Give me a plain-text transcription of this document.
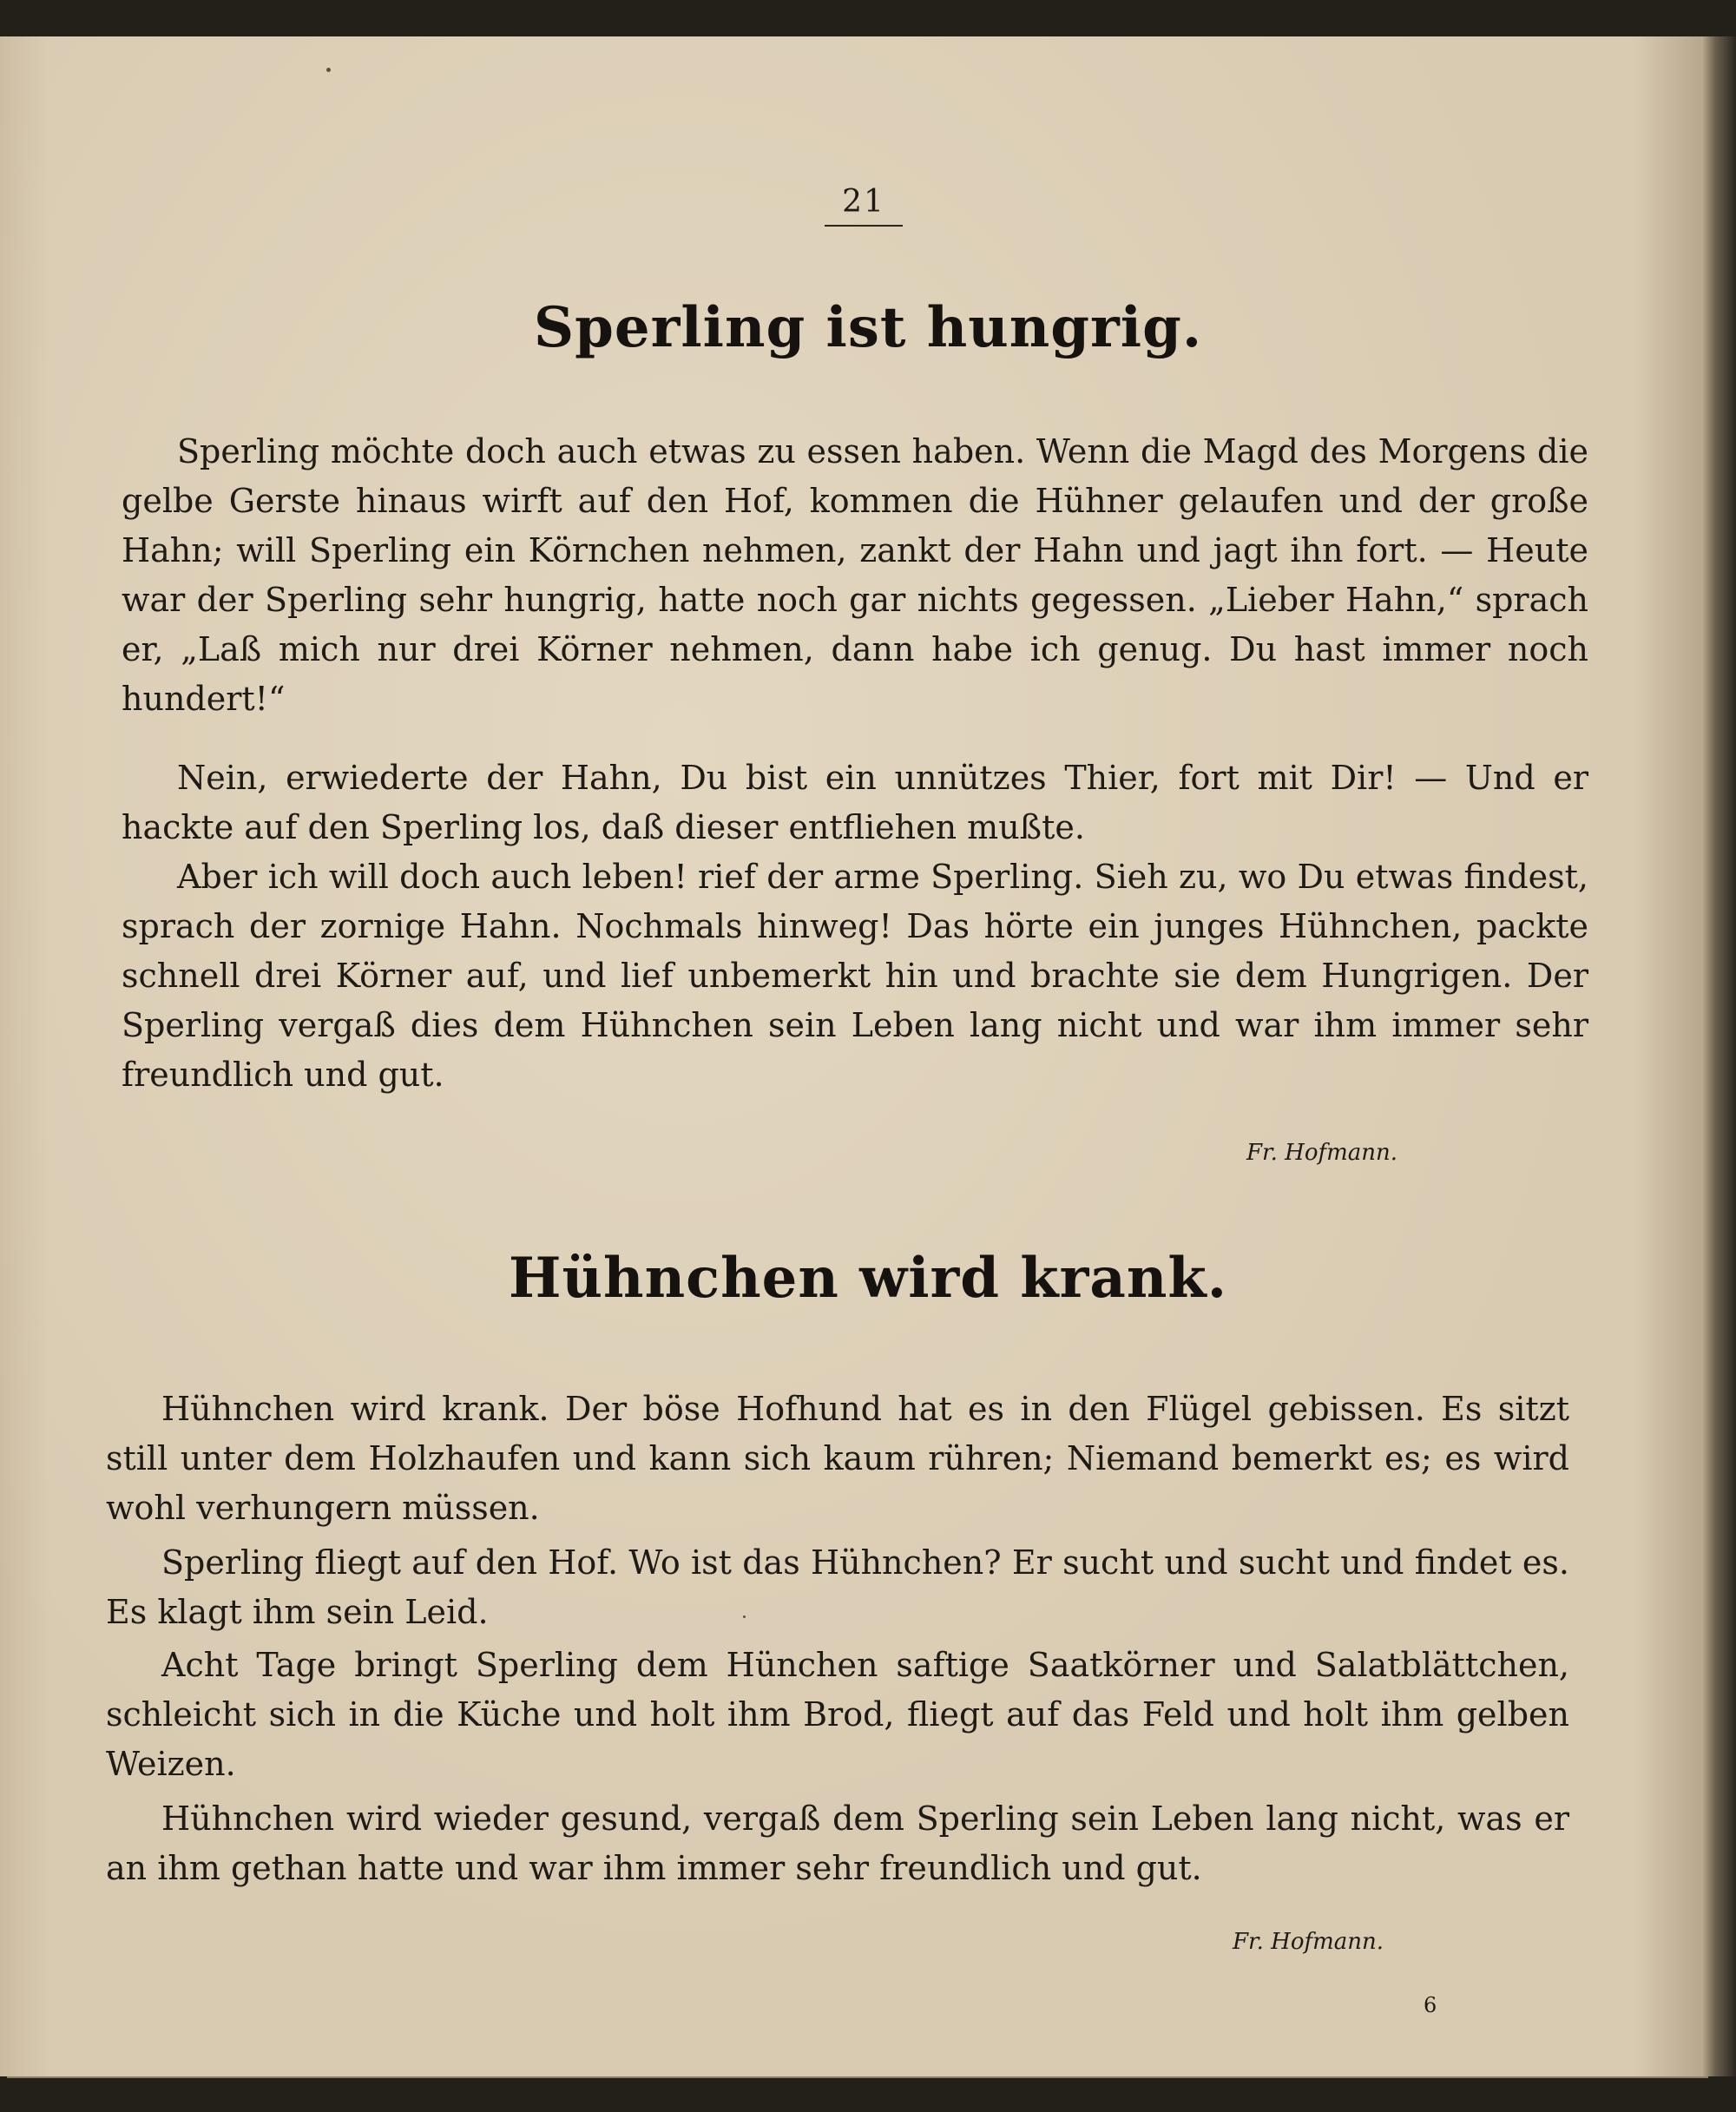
21
Sperling ist hungrig.

Sperling möchte doch auch etwas zu essen haben. Wenn die Magd des Morgens die gelbe Gerste hinaus wirft auf den Hof, kommen die Hühner gelaufen und der große Hahn; will Sperling ein Körnchen nehmen, zankt der Hahn und jagt ihn fort. — Heute war der Sperling sehr hungrig, hatte noch gar nichts gegessen. „Lieber Hahn,“ sprach er, „Laß mich nur drei Körner nehmen, dann habe ich genug. Du hast immer noch hundert!“

Nein, erwiederte der Hahn, Du bist ein unnützes Thier, fort mit Dir! — Und er hackte auf den Sperling los, daß dieser entfliehen mußte.

Aber ich will doch auch leben! rief der arme Sperling. Sieh zu, wo Du etwas findest, sprach der zornige Hahn. Nochmals hinweg! Das hörte ein junges Hühnchen, packte schnell drei Körner auf, und lief unbemerkt hin und brachte sie dem Hungrigen. Der Sperling vergaß dies dem Hühnchen sein Leben lang nicht und war ihm immer sehr freundlich und gut.

Fr. Hofmann.
Hühnchen wird krank.

Hühnchen wird krank. Der böse Hofhund hat es in den Flügel gebissen. Es sitzt still unter dem Holzhaufen und kann sich kaum rühren; Niemand bemerkt es; es wird wohl verhungern müssen.

Sperling fliegt auf den Hof. Wo ist das Hühnchen? Er sucht und sucht und findet es. Es klagt ihm sein Leid.

Acht Tage bringt Sperling dem Hünchen saftige Saatkörner und Salatblättchen, schleicht sich in die Küche und holt ihm Brod, fliegt auf das Feld und holt ihm gelben Weizen.

Hühnchen wird wieder gesund, vergaß dem Sperling sein Leben lang nicht, was er an ihm gethan hatte und war ihm immer sehr freundlich und gut.

Fr. Hofmann.
6
